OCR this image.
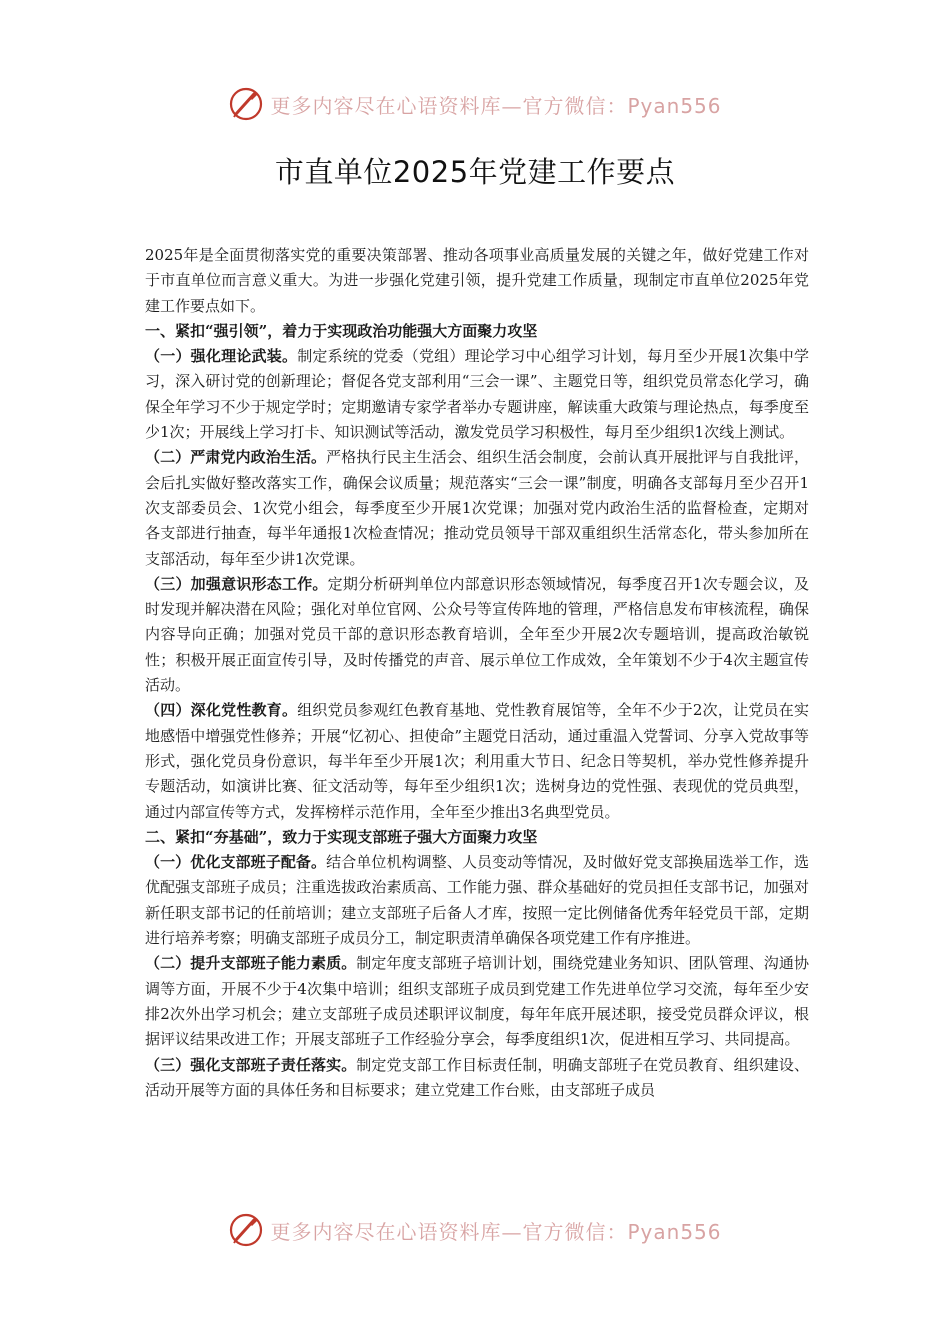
更多内容尽在心语资料库—官方微信：Pyan556
市直单位2025年党建工作要点

2025年是全面贯彻落实党的重要决策部署、推动各项事业高质量发展的关键之年，做好党建工作对于市直单位而言意义重大。为进一步强化党建引领，提升党建工作质量，现制定市直单位2025年党建工作要点如下。

一、紧扣“强引领”，着力于实现政治功能强大方面聚力攻坚

（一）强化理论武装。制定系统的党委（党组）理论学习中心组学习计划，每月至少开展1次集中学习，深入研讨党的创新理论；督促各党支部利用“三会一课”、主题党日等，组织党员常态化学习，确保全年学习不少于规定学时；定期邀请专家学者举办专题讲座，解读重大政策与理论热点，每季度至少1次；开展线上学习打卡、知识测试等活动，激发党员学习积极性，每月至少组织1次线上测试。

（二）严肃党内政治生活。严格执行民主生活会、组织生活会制度，会前认真开展批评与自我批评，会后扎实做好整改落实工作，确保会议质量；规范落实“三会一课”制度，明确各支部每月至少召开1次支部委员会、1次党小组会，每季度至少开展1次党课；加强对党内政治生活的监督检查，定期对各支部进行抽查，每半年通报1次检查情况；推动党员领导干部双重组织生活常态化，带头参加所在支部活动，每年至少讲1次党课。

（三）加强意识形态工作。定期分析研判单位内部意识形态领域情况，每季度召开1次专题会议，及时发现并解决潜在风险；强化对单位官网、公众号等宣传阵地的管理，严格信息发布审核流程，确保内容导向正确；加强对党员干部的意识形态教育培训，全年至少开展2次专题培训，提高政治敏锐性；积极开展正面宣传引导，及时传播党的声音、展示单位工作成效，全年策划不少于4次主题宣传活动。

（四）深化党性教育。组织党员参观红色教育基地、党性教育展馆等，全年不少于2次，让党员在实地感悟中增强党性修养；开展“忆初心、担使命”主题党日活动，通过重温入党誓词、分享入党故事等形式，强化党员身份意识，每半年至少开展1次；利用重大节日、纪念日等契机，举办党性修养提升专题活动，如演讲比赛、征文活动等，每年至少组织1次；选树身边的党性强、表现优的党员典型，通过内部宣传等方式，发挥榜样示范作用，全年至少推出3名典型党员。

二、紧扣“夯基础”，致力于实现支部班子强大方面聚力攻坚

（一）优化支部班子配备。结合单位机构调整、人员变动等情况，及时做好党支部换届选举工作，选优配强支部班子成员；注重选拔政治素质高、工作能力强、群众基础好的党员担任支部书记，加强对新任职支部书记的任前培训；建立支部班子后备人才库，按照一定比例储备优秀年轻党员干部，定期进行培养考察；明确支部班子成员分工，制定职责清单确保各项党建工作有序推进。

（二）提升支部班子能力素质。制定年度支部班子培训计划，围绕党建业务知识、团队管理、沟通协调等方面，开展不少于4次集中培训；组织支部班子成员到党建工作先进单位学习交流，每年至少安排2次外出学习机会；建立支部班子成员述职评议制度，每年年底开展述职，接受党员群众评议，根据评议结果改进工作；开展支部班子工作经验分享会，每季度组织1次，促进相互学习、共同提高。

（三）强化支部班子责任落实。制定党支部工作目标责任制，明确支部班子在党员教育、组织建设、活动开展等方面的具体任务和目标要求；建立党建工作台账，由支部班子成员

更多内容尽在心语资料库—官方微信：Pyan556
